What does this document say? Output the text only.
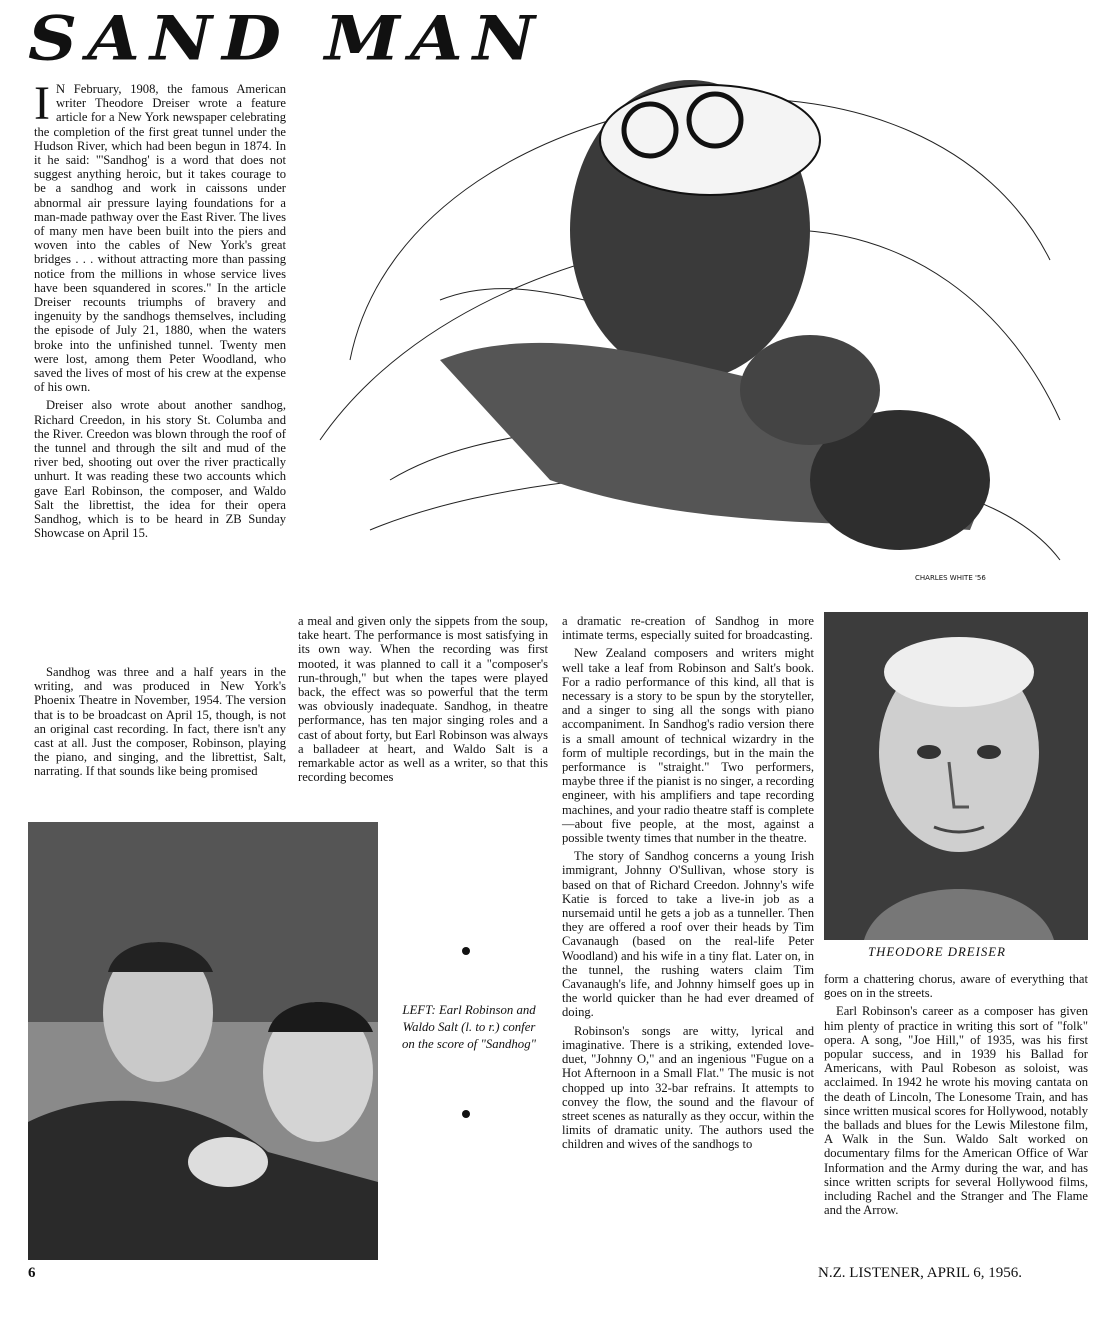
SAND MAN

I N February, 1908, the famous American writer Theodore Dreiser wrote a feature article for a New York newspaper celebrating the completion of the first great tunnel under the Hudson River, which had been begun in 1874. In it he said: "'Sandhog' is a word that does not suggest anything heroic, but it takes courage to be a sandhog and work in caissons under abnormal air pressure laying foundations for a man-made pathway over the East River. The lives of many men have been built into the piers and woven into the cables of New York's great bridges . . . without attracting more than passing notice from the millions in whose service lives have been squandered in scores." In the article Dreiser recounts triumphs of bravery and ingenuity by the sandhogs themselves, including the episode of July 21, 1880, when the waters broke into the unfinished tunnel. Twenty men were lost, among them Peter Woodland, who saved the lives of most of his crew at the expense of his own.

Dreiser also wrote about another sandhog, Richard Creedon, in his story St. Columba and the River. Creedon was blown through the roof of the tunnel and through the silt and mud of the river bed, shooting out over the river practically unhurt. It was reading these two accounts which gave Earl Robinson, the composer, and Waldo Salt the librettist, the idea for their opera Sandhog, which is to be heard in ZB Sunday Showcase on April 15.

Sandhog was three and a half years in the writing, and was produced in New York's Phoenix Theatre in November, 1954. The version that is to be broadcast on April 15, though, is not an original cast recording. In fact, there isn't any cast at all. Just the composer, Robinson, playing the piano, and singing, and the librettist, Salt, narrating. If that sounds like being promised

CHARLES WHITE '56

a meal and given only the sippets from the soup, take heart. The performance is most satisfying in its own way. When the recording was first mooted, it was planned to call it a "composer's run-through," but when the tapes were played back, the effect was so powerful that the term was obviously inadequate. Sandhog, in theatre performance, has ten major singing roles and a cast of about forty, but Earl Robinson was always a balladeer at heart, and Waldo Salt is a remarkable actor as well as a writer, so that this recording becomes

a dramatic re-creation of Sandhog in more intimate terms, especially suited for broadcasting.

New Zealand composers and writers might well take a leaf from Robinson and Salt's book. For a radio performance of this kind, all that is necessary is a story to be spun by the storyteller, and a singer to sing all the songs with piano accompaniment. In Sandhog's radio version there is a small amount of technical wizardry in the form of multiple recordings, but in the main the performance is "straight." Two performers, maybe three if the pianist is no singer, a recording engineer, with his amplifiers and tape recording machines, and your radio theatre staff is complete—about five people, at the most, against a possible twenty times that number in the theatre.

The story of Sandhog concerns a young Irish immigrant, Johnny O'Sullivan, whose story is based on that of Richard Creedon. Johnny's wife Katie is forced to take a live-in job as a nursemaid until he gets a job as a tunneller. Then they are offered a roof over their heads by Tim Cavanaugh (based on the real-life Peter Woodland) and his wife in a tiny flat. Later on, in the tunnel, the rushing waters claim Tim Cavanaugh's life, and Johnny himself goes up in the world quicker than he had ever dreamed of doing.

Robinson's songs are witty, lyrical and imaginative. There is a striking, extended love-duet, "Johnny O," and an ingenious "Fugue on a Hot Afternoon in a Small Flat." The music is not chopped up into 32-bar refrains. It attempts to convey the flow, the sound and the flavour of street scenes as naturally as they occur, within the limits of dramatic unity. The authors used the children and wives of the sandhogs to

THEODORE DREISER

form a chattering chorus, aware of everything that goes on in the streets.

Earl Robinson's career as a composer has given him plenty of practice in writing this sort of "folk" opera. A song, "Joe Hill," of 1935, was his first popular success, and in 1939 his Ballad for Americans, with Paul Robeson as soloist, was acclaimed. In 1942 he wrote his moving cantata on the death of Lincoln, The Lonesome Train, and has since written musical scores for Hollywood, notably the ballads and blues for the Lewis Milestone film, A Walk in the Sun. Waldo Salt worked on documentary films for the American Office of War Information and the Army during the war, and has since written scripts for several Hollywood films, including Rachel and the Stranger and The Flame and the Arrow.

LEFT: Earl Robinson and Waldo Salt (l. to r.) confer on the score of "Sandhog"
6	N.Z. LISTENER, APRIL 6, 1956.
